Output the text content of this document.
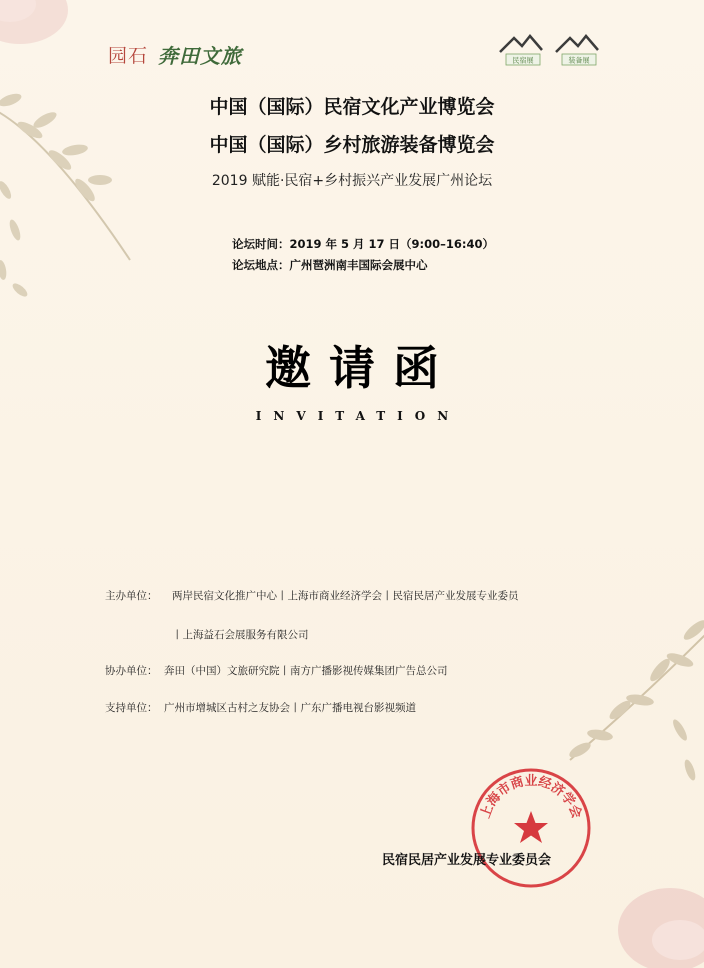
园石 奔田文旅	民宿展	装备展
中国（国际）民宿文化产业博览会
中国（国际）乡村旅游装备博览会
2019 赋能·民宿+乡村振兴产业发展广州论坛
论坛时间：2019 年 5 月 17 日（9:00–16:40）
论坛地点：广州琶洲南丰国际会展中心
邀请函
INVITATION
主办单位： 两岸民宿文化推广中心丨上海市商业经济学会丨民宿民居产业发展专业委员
丨上海益石会展服务有限公司
协办单位： 奔田（中国）文旅研究院丨南方广播影视传媒集团广告总公司
支持单位： 广州市增城区古村之友协会丨广东广播电视台影视频道
上海市商业经济学会
民宿民居产业发展专业委员会
